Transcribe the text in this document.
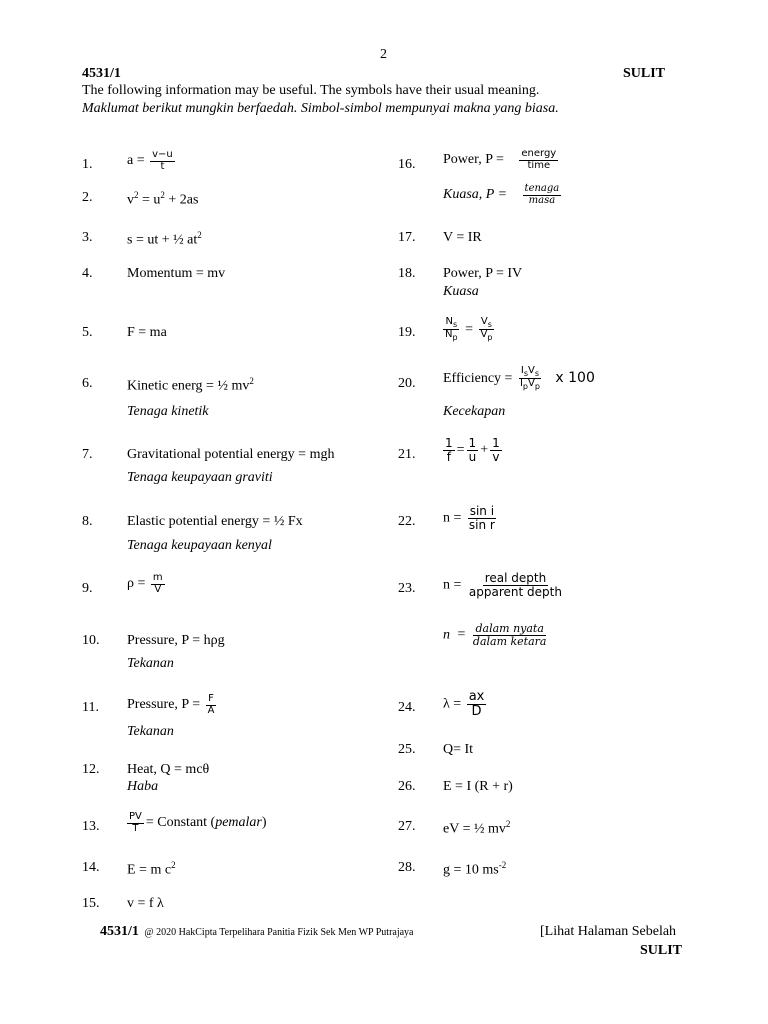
2
4531/1	SULIT
The following information may be useful. The symbols have their usual meaning.
Maklumat berikut mungkin berfaedah. Simbol-simbol mempunyai makna yang biasa.
1. $a = \frac{v-u}{t}$
2. $v^2 = u^2 + 2as$
3. s = ut + ½ $at^2$
4. Momentum = mv
5. F = ma
6. Kinetic energ = ½ $mv^2$
Tenaga kinetik
7. Gravitational potential energy = mgh
Tenaga keupayaan graviti
8. Elastic potential energy = ½ Fx
Tenaga keupayaan kenyal
9. $\rho = \frac{m}{V}$
10. Pressure, P = hρg
Tekanan
11. Pressure, $P = \frac{F}{A}$
Tekanan
12. Heat, Q = mcθ
Haba
13.	$\frac{PV}{T}$ = Constant (pemalar)
14. E = m $c^2$
15. v = f λ
16. Power, $P = \frac{\text{energy}}{\text{time}}$
Kuasa, $P = \frac{\text{tenaga}}{\text{masa}}$
17. V = IR
18. Power, P = IV
Kuasa
19.	$\frac{N_s}{N_p} = \frac{V_s}{V_p}$
20. Efficiency = $\frac{I_sV_s}{I_pV_p}$ x 100
Kecekapan
21. $\frac{1}{f} = \frac{1}{u} + \frac{1}{v}$
22. $n = \frac{\text{sin i}}{\text{sin r}}$
23. $n = \frac{\text{real depth}}{\text{apparent depth}}$
$n = \frac{\text{dalam nyata}}{\text{dalam ketara}}$
24. $\lambda = \frac{ax}{D}$
25. Q= It
26. E = I (R + r)
27. eV = ½ $mv^2$
28. g = 10 $ms^{-2}$
4531/1 @ 2020 HakCipta Terpelihara Panitia Fizik Sek Men WP Putrajaya	[Lihat Halaman Sebelah
SULIT
